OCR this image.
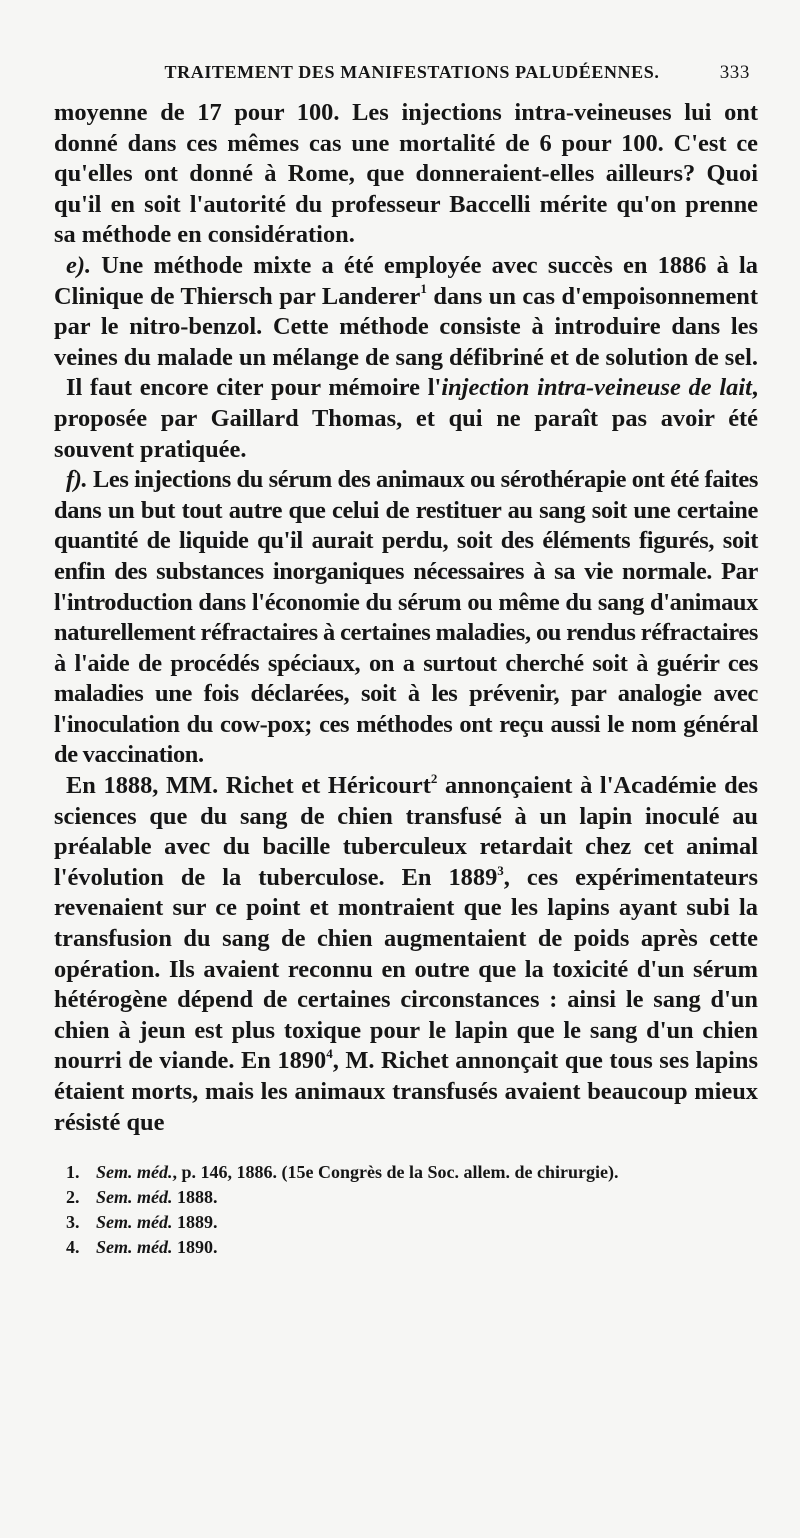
TRAITEMENT DES MANIFESTATIONS PALUDÉENNES.	333

moyenne de 17 pour 100. Les injections intra-veineuses lui ont donné dans ces mêmes cas une mortalité de 6 pour 100. C'est ce qu'elles ont donné à Rome, que donneraient-elles ailleurs? Quoi qu'il en soit l'autorité du professeur Baccelli mérite qu'on prenne sa méthode en considération.

e). Une méthode mixte a été employée avec succès en 1886 à la Clinique de Thiersch par Landerer$^1$ dans un cas d'empoisonnement par le nitro-benzol. Cette méthode consiste à introduire dans les veines du malade un mélange de sang défibriné et de solution de sel.

Il faut encore citer pour mémoire l'injection intra-veineuse de lait, proposée par Gaillard Thomas, et qui ne paraît pas avoir été souvent pratiquée.

f). Les injections du sérum des animaux ou sérothérapie ont été faites dans un but tout autre que celui de restituer au sang soit une certaine quantité de liquide qu'il aurait perdu, soit des éléments figurés, soit enfin des substances inorganiques nécessaires à sa vie normale. Par l'introduction dans l'économie du sérum ou même du sang d'animaux naturellement réfractaires à certaines maladies, ou rendus réfractaires à l'aide de procédés spéciaux, on a surtout cherché soit à guérir ces maladies une fois déclarées, soit à les prévenir, par analogie avec l'inoculation du cow-pox; ces méthodes ont reçu aussi le nom général de vaccination.

En 1888, MM. Richet et Héricourt$^2$ annonçaient à l'Académie des sciences que du sang de chien transfusé à un lapin inoculé au préalable avec du bacille tuberculeux retardait chez cet animal l'évolution de la tuberculose. En 1889$^3$, ces expérimentateurs revenaient sur ce point et montraient que les lapins ayant subi la transfusion du sang de chien augmentaient de poids après cette opération. Ils avaient reconnu en outre que la toxicité d'un sérum hétérogène dépend de certaines circonstances : ainsi le sang d'un chien à jeun est plus toxique pour le lapin que le sang d'un chien nourri de viande. En 1890$^4$, M. Richet annonçait que tous ses lapins étaient morts, mais les animaux transfusés avaient beaucoup mieux résisté que

1. Sem. méd., p. 146, 1886. (15e Congrès de la Soc. allem. de chirurgie).
2. Sem. méd. 1888.
3. Sem. méd. 1889.
4. Sem. méd. 1890.
